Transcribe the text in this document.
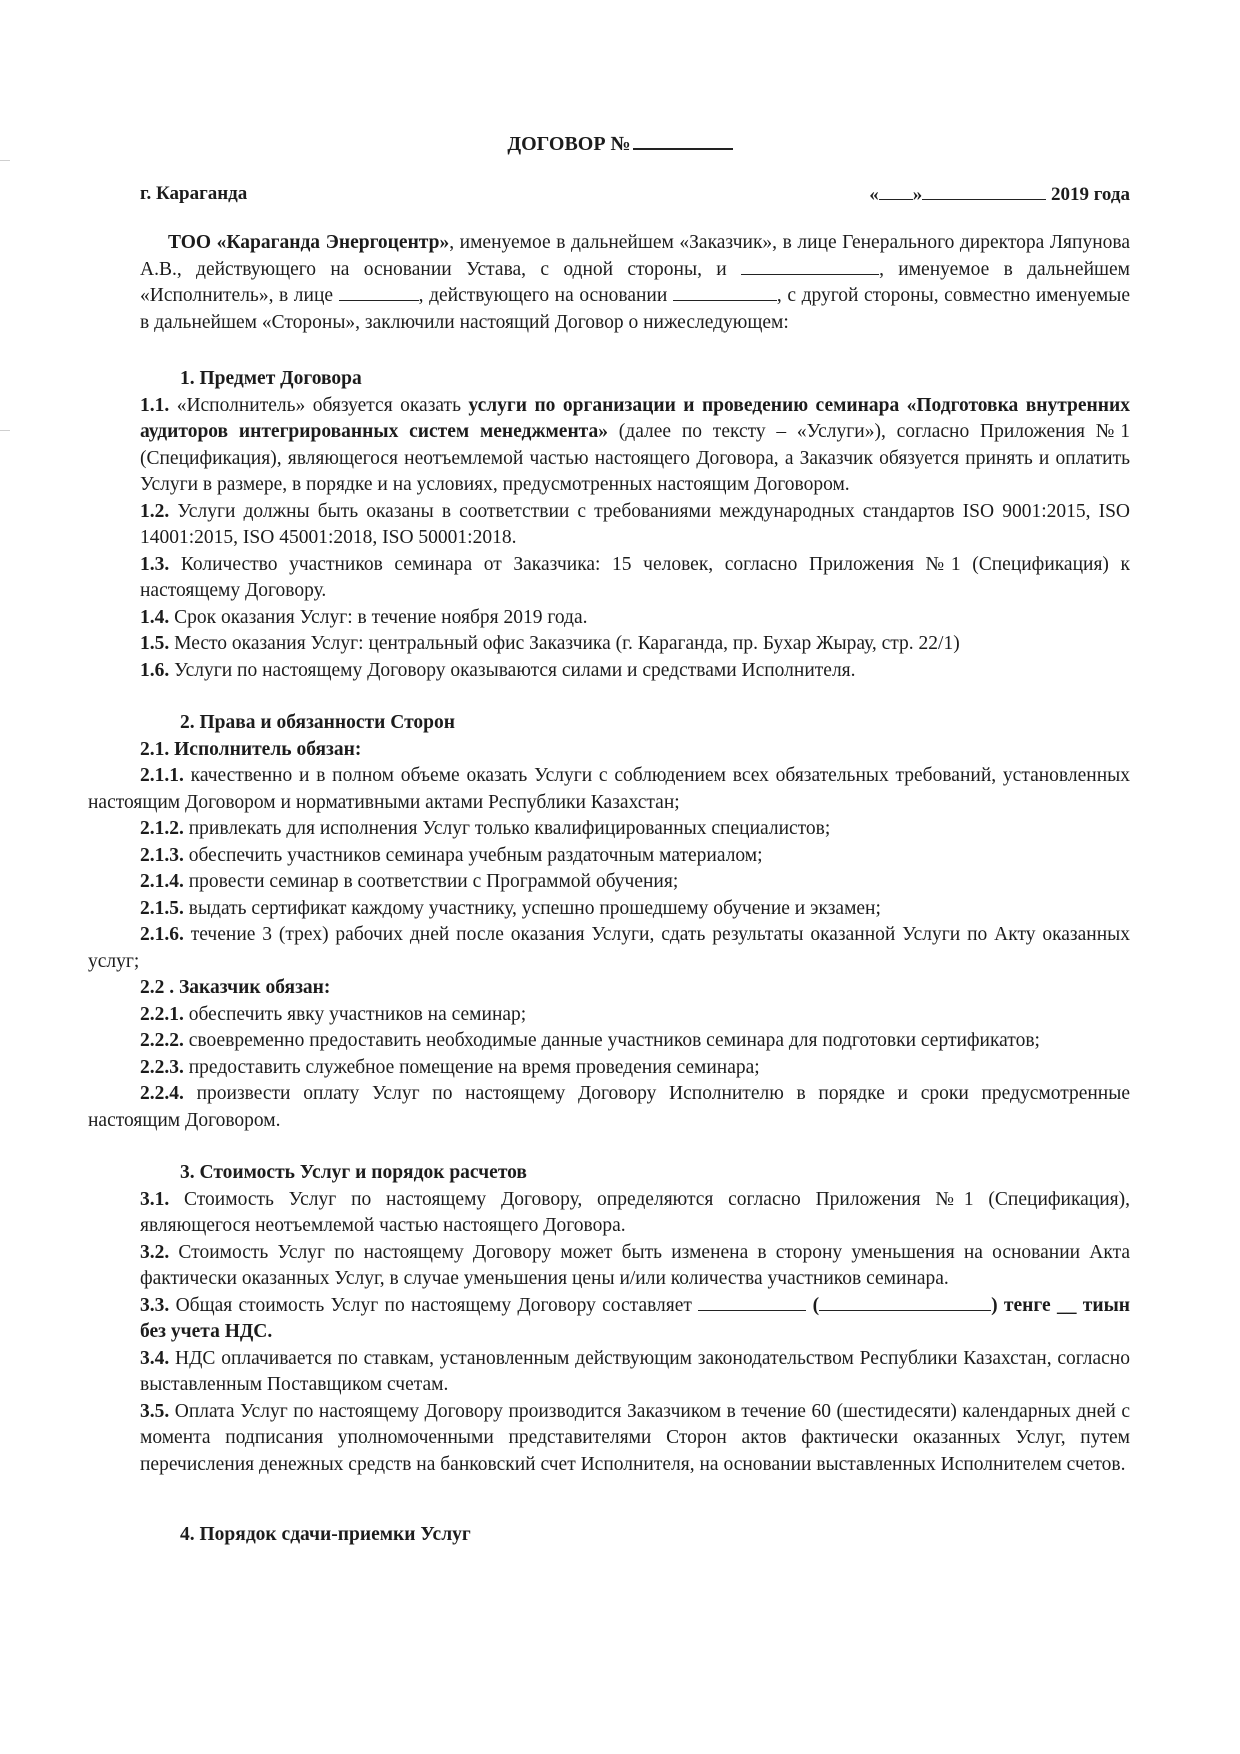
ДОГОВОР №
г. Караганда	« »	2019 года

ТОО «Караганда Энергоцентр», именуемое в дальнейшем «Заказчик», в лице Генерального директора Ляпунова А.В., действующего на основании Устава, с одной стороны, и	, именуемое в дальнейшем «Исполнитель», в лице	, действующего на основании	, с другой стороны, совместно именуемые в дальнейшем «Стороны», заключили настоящий Договор о нижеследующем:

1. Предмет Договора

1.1. «Исполнитель» обязуется оказать услуги по организации и проведению семинара «Подготовка внутренних аудиторов интегрированных систем менеджмента» (далее по тексту – «Услуги»), согласно Приложения №1 (Спецификация), являющегося неотъемлемой частью настоящего Договора, а Заказчик обязуется принять и оплатить Услуги в размере, в порядке и на условиях, предусмотренных настоящим Договором.

1.2. Услуги должны быть оказаны в соответствии с требованиями международных стандартов ISO 9001:2015, ISO 14001:2015, ISO 45001:2018, ISO 50001:2018.

1.3. Количество участников семинара от Заказчика: 15 человек, согласно Приложения №1 (Спецификация) к настоящему Договору.

1.4. Срок оказания Услуг: в течение ноября 2019 года.

1.5. Место оказания Услуг: центральный офис Заказчика (г. Караганда, пр. Бухар Жырау, стр. 22/1)

1.6. Услуги по настоящему Договору оказываются силами и средствами Исполнителя.

2. Права и обязанности Сторон

2.1. Исполнитель обязан:

2.1.1. качественно и в полном объеме оказать Услуги с соблюдением всех обязательных требований, установленных настоящим Договором и нормативными актами Республики Казахстан;

2.1.2. привлекать для исполнения Услуг только квалифицированных специалистов;

2.1.3. обеспечить участников семинара учебным раздаточным материалом;

2.1.4. провести семинар в соответствии с Программой обучения;

2.1.5. выдать сертификат каждому участнику, успешно прошедшему обучение и экзамен;

2.1.6. течение 3 (трех) рабочих дней после оказания Услуги, сдать результаты оказанной Услуги по Акту оказанных услуг;

2.2 . Заказчик обязан:

2.2.1. обеспечить явку участников на семинар;

2.2.2. своевременно предоставить необходимые данные участников семинара для подготовки сертификатов;

2.2.3. предоставить служебное помещение на время проведения семинара;

2.2.4. произвести оплату Услуг по настоящему Договору Исполнителю в порядке и сроки предусмотренные настоящим Договором.

3. Стоимость Услуг и порядок расчетов

3.1. Стоимость Услуг по настоящему Договору, определяются согласно Приложения №1 (Спецификация), являющегося неотъемлемой частью настоящего Договора.

3.2. Стоимость Услуг по настоящему Договору может быть изменена в сторону уменьшения на основании Акта фактически оказанных Услуг, в случае уменьшения цены и/или количества участников семинара.

3.3. Общая стоимость Услуг по настоящему Договору составляет	(	) тенге __ тиын без учета НДС.

3.4. НДС оплачивается по ставкам, установленным действующим законодательством Республики Казахстан, согласно выставленным Поставщиком счетам.

3.5. Оплата Услуг по настоящему Договору производится Заказчиком в течение 60 (шестидесяти) календарных дней с момента подписания уполномоченными представителями Сторон актов фактически оказанных Услуг, путем перечисления денежных средств на банковский счет Исполнителя, на основании выставленных Исполнителем счетов.

4. Порядок сдачи-приемки Услуг
